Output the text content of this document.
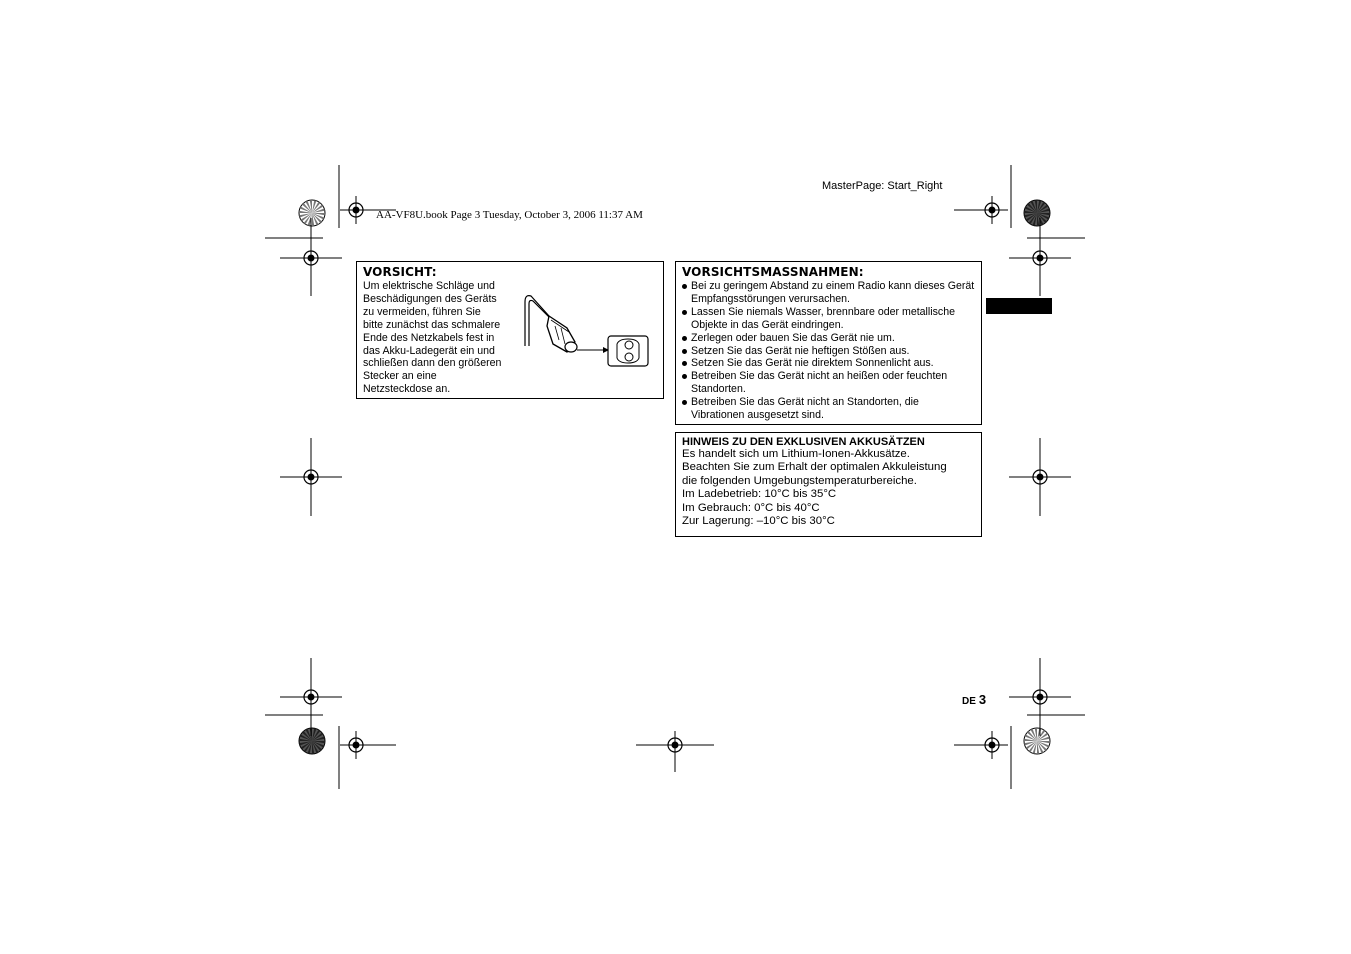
MasterPage: Start_Right
AA-VF8U.book Page 3 Tuesday, October 3, 2006 11:37 AM
VORSICHT:
Um elektrische Schläge und
Beschädigungen des Geräts
zu vermeiden, führen Sie
bitte zunächst das schmalere
Ende des Netzkabels fest in
das Akku-Ladegerät ein und
schließen dann den größeren
Stecker an eine
Netzsteckdose an.
VORSICHTSMASSNAHMEN:
Bei zu geringem Abstand zu einem Radio kann dieses Gerät Empfangsstörungen verursachen.
Lassen Sie niemals Wasser, brennbare oder metallische Objekte in das Gerät eindringen.
Zerlegen oder bauen Sie das Gerät nie um.
Setzen Sie das Gerät nie heftigen Stößen aus.
Setzen Sie das Gerät nie direktem Sonnenlicht aus.
Betreiben Sie das Gerät nicht an heißen oder feuchten Standorten.
Betreiben Sie das Gerät nicht an Standorten, die Vibrationen ausgesetzt sind.
HINWEIS ZU DEN EXKLUSIVEN AKKUSÄTZEN
Es handelt sich um Lithium-Ionen-Akkusätze.
Beachten Sie zum Erhalt der optimalen Akkuleistung
die folgenden Umgebungstemperaturbereiche.
Im Ladebetrieb: 10°C bis 35°C
Im Gebrauch: 0°C bis 40°C
Zur Lagerung: –10°C bis 30°C
DE 3
